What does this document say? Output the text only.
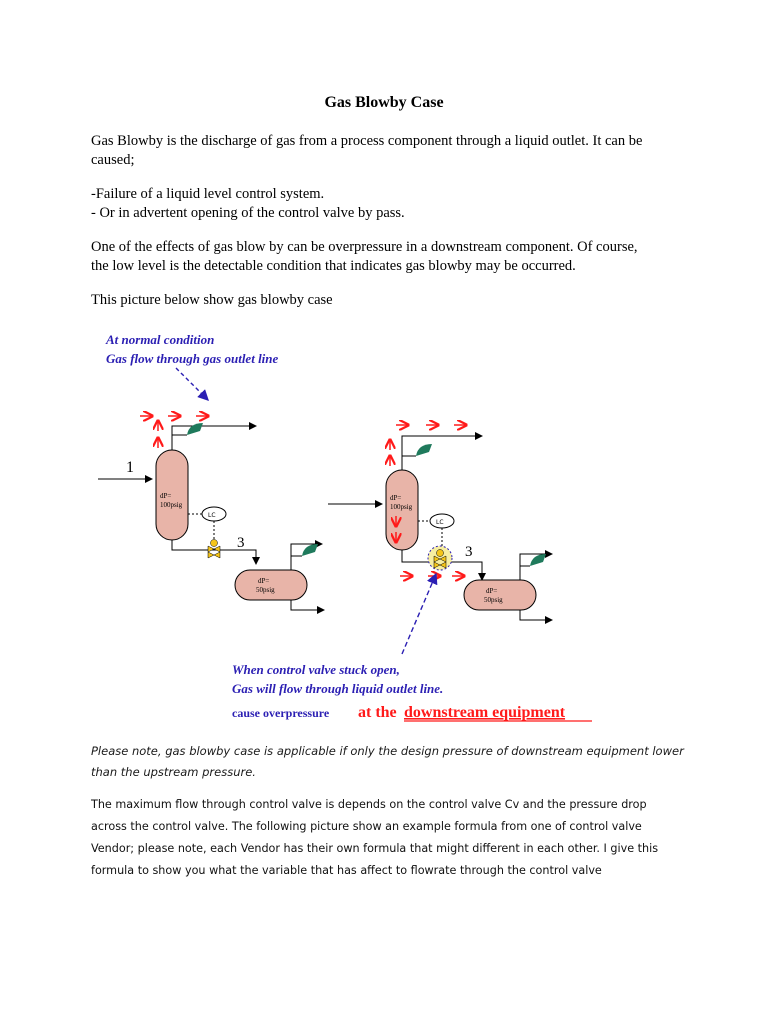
Gas Blowby Case
Gas Blowby is the discharge of gas from a process component through a liquid outlet. It can be
caused;
-Failure of a liquid level control system.
- Or in advertent opening of the control valve by pass.
One of the effects of gas blow by can be overpressure in a downstream component. Of course,
the low level is the detectable condition that indicates gas blowby may be occurred.
This picture below show gas blowby case
At normal condition
Gas flow through gas outlet line
1
dP=
100psig
LC
3
dP=
50psig
dP=
100psig
LC
3
dP=
50psig
When control valve stuck open,
Gas will flow through liquid outlet line.
cause overpressure at the downstream equipment
Please note, gas blowby case is applicable if only the design pressure of downstream equipment lower
than the upstream pressure.
The maximum flow through control valve is depends on the control valve Cv and the pressure drop
across the control valve. The following picture show an example formula from one of control valve
Vendor; please note, each Vendor has their own formula that might different in each other. I give this
formula to show you what the variable that has affect to flowrate through the control valve
